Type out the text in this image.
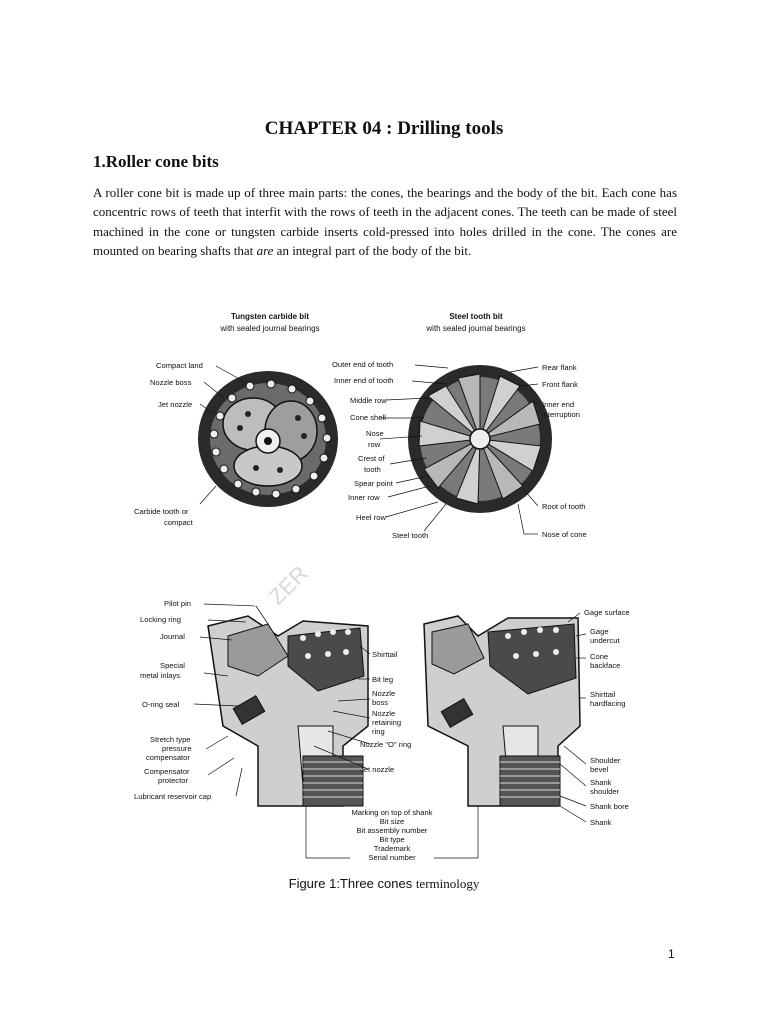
CHAPTER 04 : Drilling tools
1.Roller cone bits
A roller cone bit is made up of three main parts: the cones, the bearings and the body of the bit. Each cone has concentric rows of teeth that interfit with the rows of teeth in the adjacent cones. The teeth can be made of steel machined in the cone or tungsten carbide inserts cold-pressed into holes drilled in the cone. The cones are mounted on bearing shafts that are an integral part of the body of the bit.
ZER
Tungsten carbide bit
with sealed journal bearings
Compact land
Nozzle boss
Jet nozzle
Carbide tooth or
compact
Steel tooth bit
with sealed journal bearings
Outer end of tooth
Inner end of tooth
Middle row
Cone shell
Nose
row
Crest of
tooth
Spear point
Inner row
Heel row
Steel tooth
Rear flank
Front flank
Inner end
interruption
Root of tooth
Nose of cone
Pilot pin
Locking ring
Journal
Special
metal inlays
O-ring seal
Stretch type
pressure
compensator
Compensator
protector
Lubricant reservoir cap
Shirttail
Bit leg
Nozzle
boss
Nozzle
retaining
ring
Nozzle "O" ring
Jet nozzle
Gage surface
Gage
undercut
Cone
backface
Shirttail
hardfacing
Shoulder
bevel
Shank
shoulder
Shank bore
Shank
Marking on top of shank
Bit size
Bit assembly number
Bit type
Trademark
Serial number
Figure 1:Three cones terminology
1
